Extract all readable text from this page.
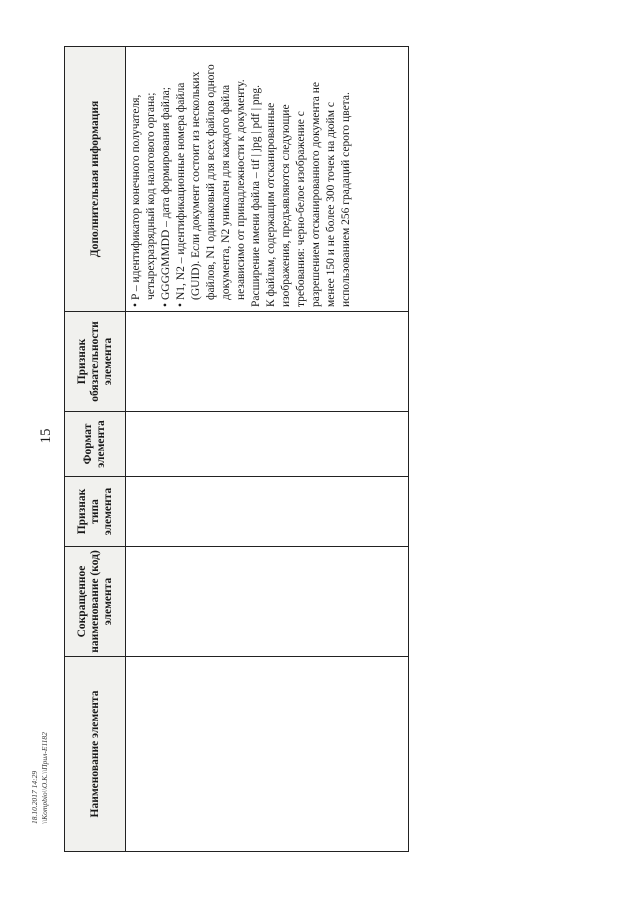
15
Наименование элемента
Сокращенное наименование (код) элемента
Признак типа элемента
Формат элемента
Признак обязательности элемента
Дополнительная информация
•
P – идентификатор конечного получателя, четырехразрядный код налогового органа;
•
GGGGMMDD – дата формирования файла;
•
N1, N2 – идентификационные номера файла (GUID). Если документ состоит из нескольких файлов, N1 одинаковый для всех файлов одного документа, N2 уникален для каждого файла независимо от принадлежности к документу. Расширение имени файла – tif | jpg | pdf | png. К файлам, содержащим отсканированные изображения, предъявляются следующие требования: черно-белое изображение с разрешением отсканированного документа не менее 150 и не более 300 точек на дюйм с использованием 256 градаций серого цвета.
18.10.2017 14:29 \\Kompbio\\O.K.\\Прил-Е1182
